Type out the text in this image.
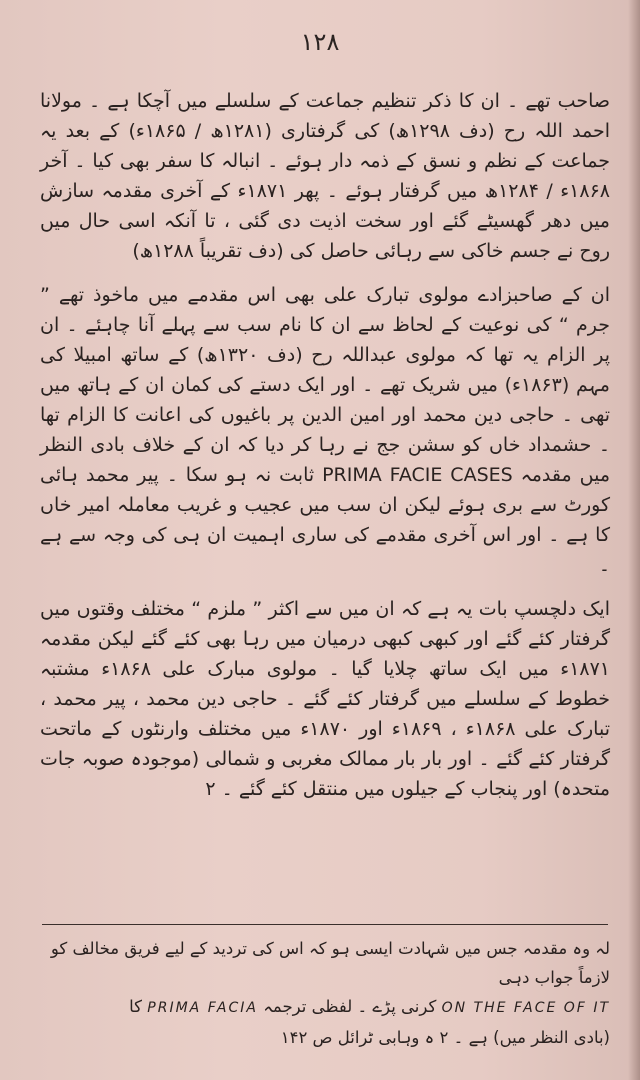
۱۲۸

صاحب تھے ۔ ان کا ذکر تنظیم جماعت کے سلسلے میں آچکا ہے ۔ مولانا احمد اللہ رح (دف ۱۲۹۸ھ) کی گرفتاری (۱۲۸۱ھ / ۱۸۶۵ء) کے بعد یہ جماعت کے نظم و نسق کے ذمہ دار ہوئے ۔ انبالہ کا سفر بھی کیا ۔ آخر ۱۸۶۸ء / ۱۲۸۴ھ میں گرفتار ہوئے ۔ پھر ۱۸۷۱ء کے آخری مقدمہ سازش میں دھر گھسیٹے گئے اور سخت اذیت دی گئی ، تا آنکہ اسی حال میں روح نے جسم خاکی سے رہائی حاصل کی (دف تقریباً ۱۲۸۸ھ)

ان کے صاحبزادے مولوی تبارک علی بھی اس مقدمے میں ماخوذ تھے ” جرم “ کی نوعیت کے لحاظ سے ان کا نام سب سے پہلے آنا چاہئے ۔ ان پر الزام یہ تھا کہ مولوی عبداللہ رح (دف ۱۳۲۰ھ) کے ساتھ امبیلا کی مہم (۱۸۶۳ء) میں شریک تھے ۔ اور ایک دستے کی کمان ان کے ہاتھ میں تھی ۔ حاجی دین محمد اور امین الدین پر باغیوں کی اعانت کا الزام تھا ۔ حشمداد خاں کو سشن جج نے رہا کر دیا کہ ان کے خلاف بادی النظر میں مقدمہ PRIMA FACIE CASES ثابت نہ ہو سکا ۔ پیر محمد ہائی کورٹ سے بری ہوئے لیکن ان سب میں عجیب و غریب معاملہ امیر خاں کا ہے ۔ اور اس آخری مقدمے کی ساری اہمیت ان ہی کی وجہ سے ہے ۔

ایک دلچسپ بات یہ ہے کہ ان میں سے اکثر ” ملزم “ مختلف وقتوں میں گرفتار کئے گئے اور کبھی کبھی درمیان میں رہا بھی کئے گئے لیکن مقدمہ ۱۸۷۱ء میں ایک ساتھ چلایا گیا ۔ مولوی مبارک علی ۱۸۶۸ء مشتبہ خطوط کے سلسلے میں گرفتار کئے گئے ۔ حاجی دین محمد ، پیر محمد ، تبارک علی ۱۸۶۸ء ، ۱۸۶۹ء اور ۱۸۷۰ء میں مختلف وارنٹوں کے ماتحت گرفتار کئے گئے ۔ اور بار بار ممالک مغربی و شمالی (موجودہ صوبہ جات متحدہ) اور پنجاب کے جیلوں میں منتقل کئے گئے ۔ ۲

لہ وہ مقدمہ جس میں شہادت ایسی ہو کہ اس کی تردید کے لیے فریق مخالف کو لازماً جواب دہی

ON THE FACE OF IT کرنی پڑے ۔ لفظی ترجمہ PRIMA FACIA کا

(بادی النظر میں) ہے ۔ ۲ ہ وہابی ٹرائل ص ۱۴۲
